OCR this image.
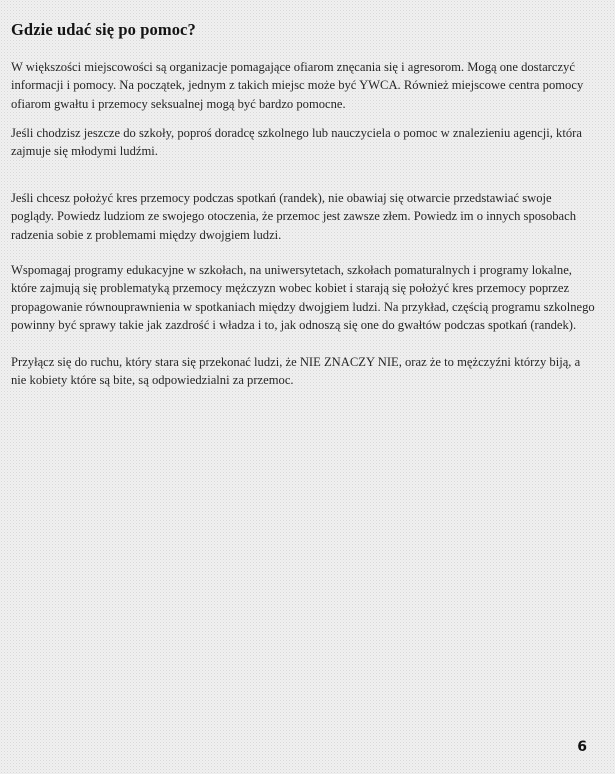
Gdzie udać się po pomoc?

W większości miejscowości są organizacje pomagające ofiarom znęcania się i agresorom. Mogą one dostarczyć informacji i pomocy. Na początek, jednym z takich miejsc może być YWCA. Również miejscowe centra pomocy ofiarom gwałtu i przemocy seksualnej mogą być bardzo pomocne.

Jeśli chodzisz jeszcze do szkoły, poproś doradcę szkolnego lub nauczyciela o pomoc w znalezieniu agencji, która zajmuje się młodymi ludźmi.

Jeśli chcesz położyć kres przemocy podczas spotkań (randek), nie obawiaj się otwarcie przedstawiać swoje poglądy. Powiedz ludziom ze swojego otoczenia, że przemoc jest zawsze złem. Powiedz im o innych sposobach radzenia sobie z problemami między dwojgiem ludzi.

Wspomagaj programy edukacyjne w szkołach, na uniwersytetach, szkołach pomaturalnych i programy lokalne, które zajmują się problematyką przemocy mężczyzn wobec kobiet i starają się położyć kres przemocy poprzez propagowanie równouprawnienia w spotkaniach między dwojgiem ludzi. Na przykład, częścią programu szkolnego powinny być sprawy takie jak zazdrość i władza i to, jak odnoszą się one do gwałtów podczas spotkań (randek).

Przyłącz się do ruchu, który stara się przekonać ludzi, że NIE ZNACZY NIE, oraz że to mężczyźni którzy biją, a nie kobiety które są bite, są odpowiedzialni za przemoc.

6
